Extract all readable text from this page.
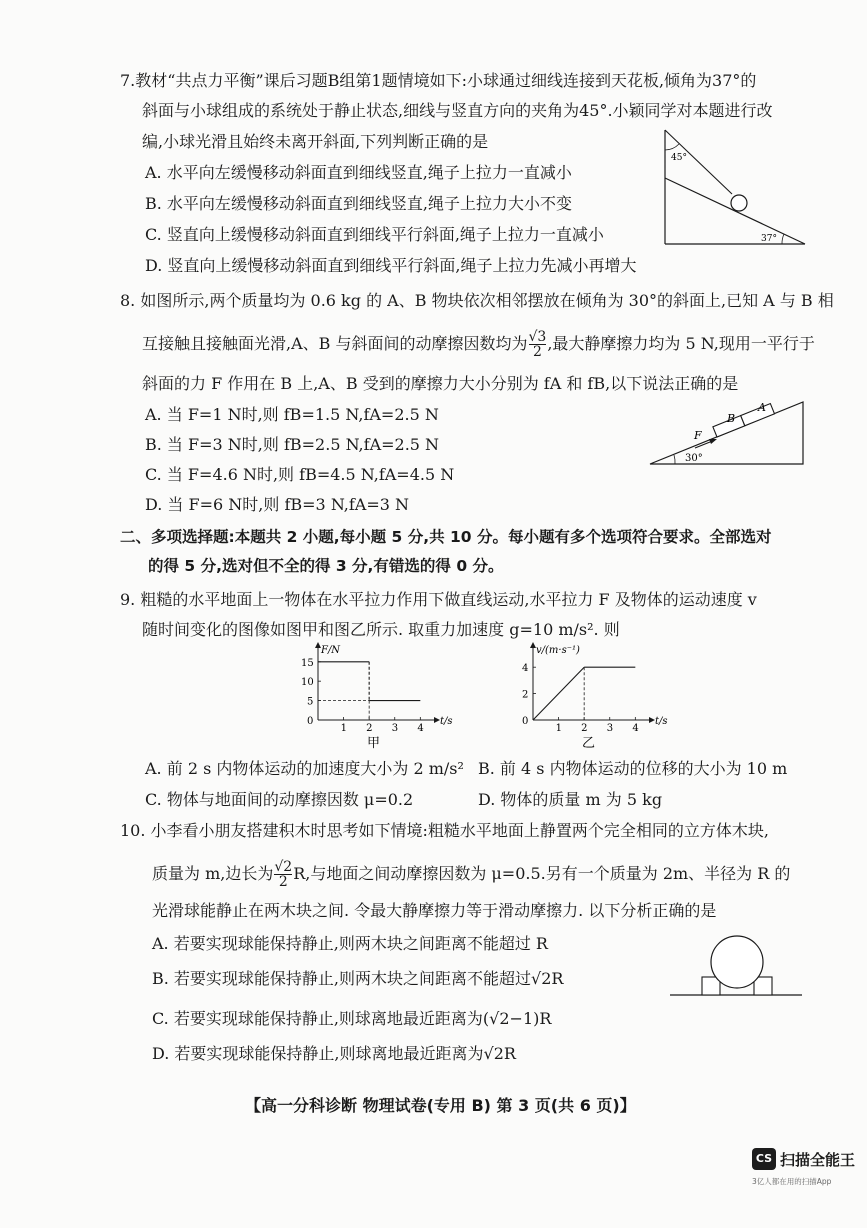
7.教材“共点力平衡”课后习题B组第1题情境如下:小球通过细线连接到天花板,倾角为37°的
斜面与小球组成的系统处于静止状态,细线与竖直方向的夹角为45°.小颖同学对本题进行改
编,小球光滑且始终未离开斜面,下列判断正确的是
A. 水平向左缓慢移动斜面直到细线竖直,绳子上拉力一直减小
B. 水平向左缓慢移动斜面直到细线竖直,绳子上拉力大小不变
C. 竖直向上缓慢移动斜面直到细线平行斜面,绳子上拉力一直减小
D. 竖直向上缓慢移动斜面直到细线平行斜面,绳子上拉力先减小再增大
45°
37°
8. 如图所示,两个质量均为 0.6 kg 的 A、B 物块依次相邻摆放在倾角为 30°的斜面上,已知 A 与 B 相
互接触且接触面光滑,A、B 与斜面间的动摩擦因数均为 $\frac{√3}{2}$ ,最大静摩擦力均为 5 N,现用一平行于
斜面的力 F 作用在 B 上,A、B 受到的摩擦力大小分别为 fA 和 fB,以下说法正确的是
A. 当 F=1 N时,则 fB=1.5 N,fA=2.5 N
B. 当 F=3 N时,则 fB=2.5 N,fA=2.5 N
C. 当 F=4.6 N时,则 fB=4.5 N,fA=4.5 N
D. 当 F=6 N时,则 fB=3 N,fA=3 N
F
B
A
30°
二、多项选择题:本题共 2 小题,每小题 5 分,共 10 分。每小题有多个选项符合要求。全部选对
的得 5 分,选对但不全的得 3 分,有错选的得 0 分。
9. 粗糙的水平地面上一物体在水平拉力作用下做直线运动,水平拉力 F 及物体的运动速度 v
随时间变化的图像如图甲和图乙所示. 取重力加速度 g=10 m/s². 则
F/N
t/s
1 2 3 4
0
5
10
15
甲
v/(m·s⁻¹)
t/s
1 2 3 4
0
2
4
乙
A. 前 2 s 内物体运动的加速度大小为 2 m/s² B. 前 4 s 内物体运动的位移的大小为 10 m
C. 物体与地面间的动摩擦因数 μ=0.2	D. 物体的质量 m 为 5 kg
10. 小李看小朋友搭建积木时思考如下情境:粗糙水平地面上静置两个完全相同的立方体木块,
质量为 m,边长为 $\frac{√2}{2} R$,与地面之间动摩擦因数为 μ=0.5.另有一个质量为 2m、半径为 R 的
光滑球能静止在两木块之间. 令最大静摩擦力等于滑动摩擦力. 以下分析正确的是
A. 若要实现球能保持静止,则两木块之间距离不能超过 R
B. 若要实现球能保持静止,则两木块之间距离不能超过√2R
C. 若要实现球能保持静止,则球离地最近距离为(√2−1)R
D. 若要实现球能保持静止,则球离地最近距离为√2R
【高一分科诊断 物理试卷(专用 B) 第 3 页(共 6 页)】
CS 扫描全能王
3亿人都在用的扫描App
